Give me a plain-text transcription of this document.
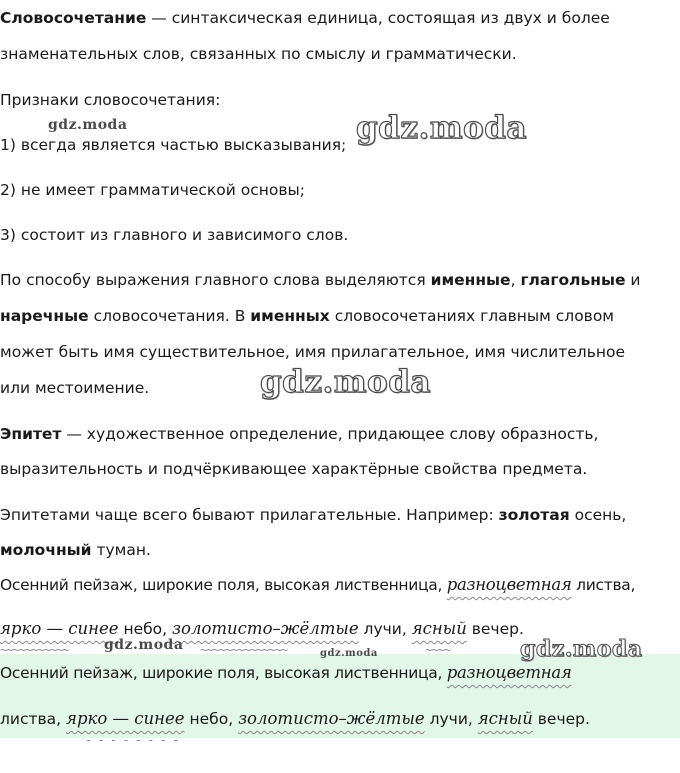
Словосочетание — синтаксическая единица, состоящая из двух и более

знаменательных слов, связанных по смыслу и грамматически.

Признаки словосочетания:

1) всегда является частью высказывания;

2) не имеет грамматической основы;

3) состоит из главного и зависимого слов.

По способу выражения главного слова выделяются именные, глагольные и

наречные словосочетания. В именных словосочетаниях главным словом

может быть имя существительное, имя прилагательное, имя числительное

или местоимение.

Эпитет — художественное определение, придающее слову образность,

выразительность и подчёркивающее характёрные свойства предмета.

Эпитетами чаще всего бывают прилагательные. Например: золотая осень,

молочный туман.

Осенний пейзаж, широкие поля, высокая лиственница, разноцветная листва,

ярко — синее небо, золотисто–жёлтые лучи, ясный вечер.

Осенний пейзаж, широкие поля, высокая лиственница, разноцветная

листва, ярко — синее небо, золотисто–жёлтые лучи, ясный вечер.

~~~~~~~~~~~	~~~~~~~~~~~~~~	~~~~
- - - - - - - -
gdz.moda	gdz.moda
gdz.moda
gdz.moda
gdz.moda	gdz.moda
